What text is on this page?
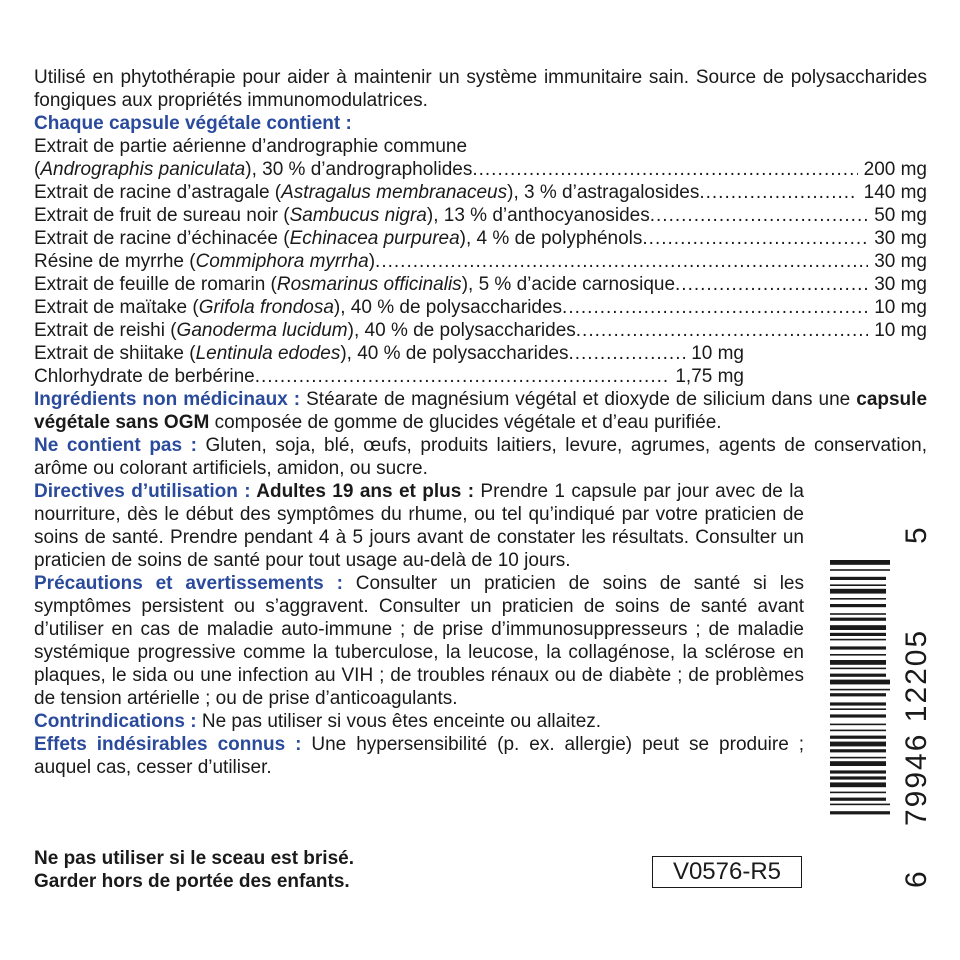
Utilisé en phytothérapie pour aider à maintenir un système immunitaire sain. Source de polysaccharides fongiques aux propriétés immunomodulatrices.
Chaque capsule végétale contient :
Extrait de partie aérienne d’andrographie commune
(Andrographis paniculata), 30 % d’andrographolides .....	200 mg
Extrait de racine d’astragale (Astragalus membranaceus), 3 % d’astragalosides .....	140 mg
Extrait de fruit de sureau noir (Sambucus nigra), 13 % d’anthocyanosides .....	50 mg
Extrait de racine d’échinacée (Echinacea purpurea), 4 % de polyphénols .....	30 mg
Résine de myrrhe (Commiphora myrrha) .....	30 mg
Extrait de feuille de romarin (Rosmarinus officinalis), 5 % d’acide carnosique .....	30 mg
Extrait de maïtake (Grifola frondosa), 40 % de polysaccharides .....	10 mg
Extrait de reishi (Ganoderma lucidum), 40 % de polysaccharides .....	10 mg
Extrait de shiitake (Lentinula edodes), 40 % de polysaccharides .....	10 mg
Chlorhydrate de berbérine .....	1,75 mg
Ingrédients non médicinaux : Stéarate de magnésium végétal et dioxyde de silicium dans une capsule végétale sans OGM composée de gomme de glucides végétale et d’eau purifiée.
Ne contient pas : Gluten, soja, blé, œufs, produits laitiers, levure, agrumes, agents de conservation, arôme ou colorant artificiels, amidon, ou sucre.
Directives d’utilisation : Adultes 19 ans et plus : Prendre 1 capsule par jour avec de la nourriture, dès le début des symptômes du rhume, ou tel qu’indiqué par votre praticien de soins de santé. Prendre pendant 4 à 5 jours avant de constater les résultats. Consulter un praticien de soins de santé pour tout usage au-delà de 10 jours.
Précautions et avertissements : Consulter un praticien de soins de santé si les symptômes persistent ou s’aggravent. Consulter un praticien de soins de santé avant d’utiliser en cas de maladie auto-immune ; de prise d’immunosuppresseurs ; de maladie systémique progressive comme la tuberculose, la leucose, la collagénose, la sclérose en plaques, le sida ou une infection au VIH ; de troubles rénaux ou de diabète ; de problèmes de tension artérielle ; ou de prise d’anticoagulants.
Contrindications : Ne pas utiliser si vous êtes enceinte ou allaitez.
Effets indésirables connus : Une hypersensibilité (p. ex. allergie) peut se produire ; auquel cas, cesser d’utiliser.
Ne pas utiliser si le sceau est brisé.
Garder hors de portée des enfants.	V0576-R5	6
79946 12205
5
